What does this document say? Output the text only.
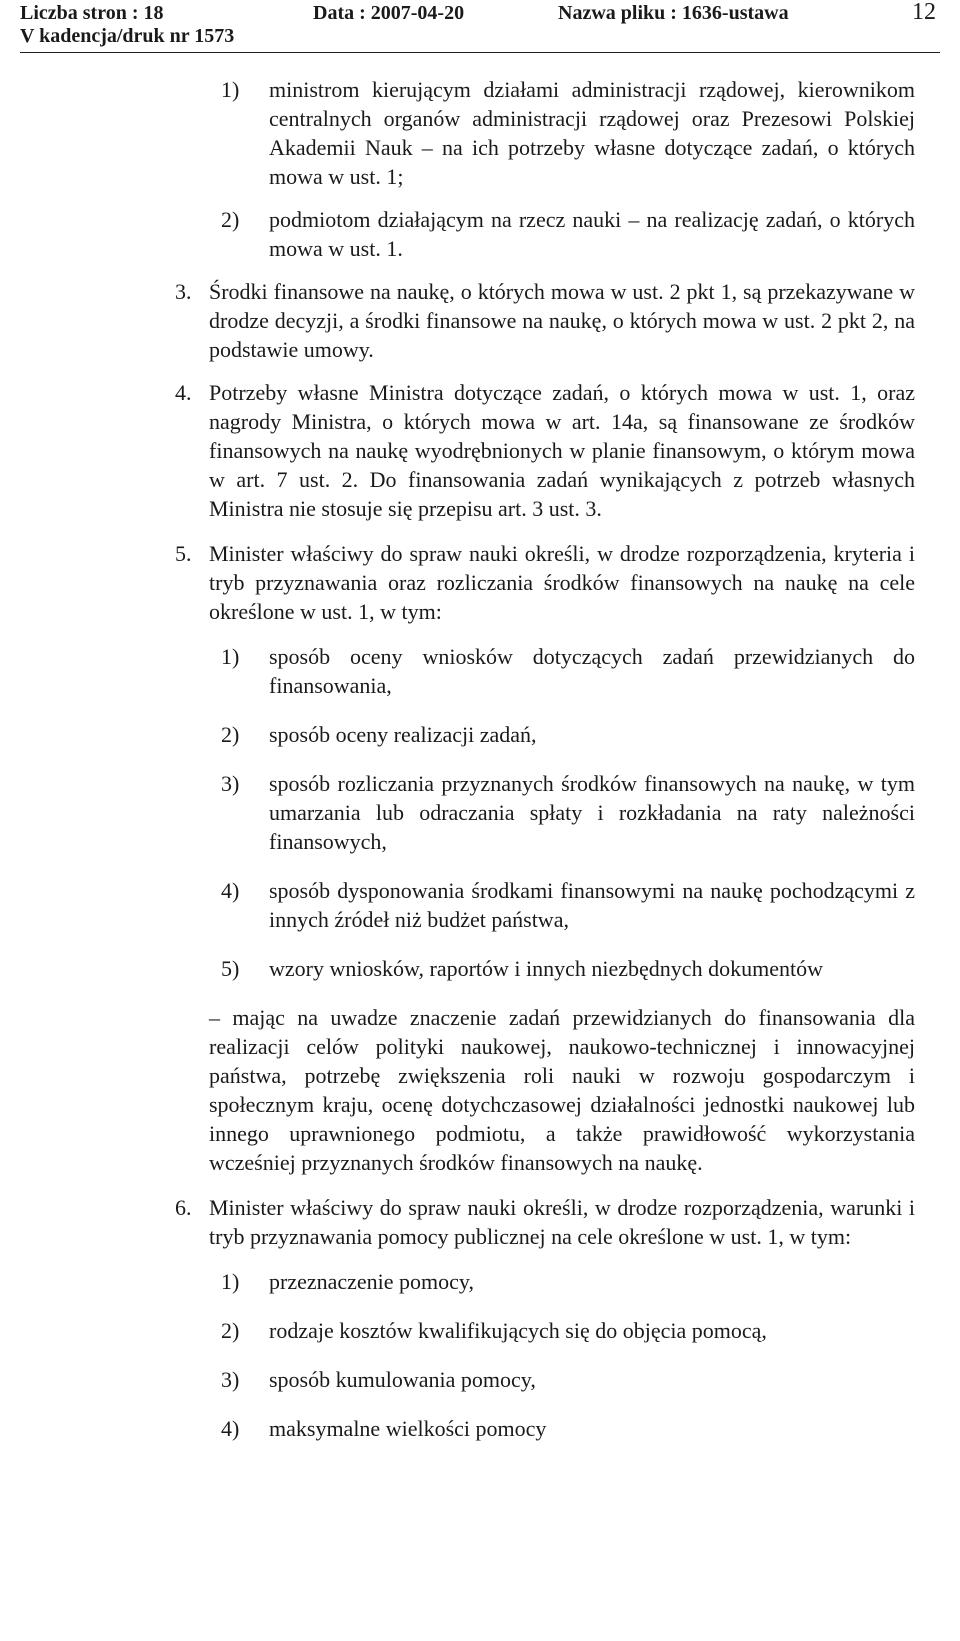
Liczba stron : 18	Data : 2007-04-20	Nazwa pliku : 1636-ustawa
V kadencja/druk nr 1573
12
1) ministrom kierującym działami administracji rządowej, kierownikom centralnych organów administracji rządowej oraz Prezesowi Polskiej Akademii Nauk – na ich potrzeby własne dotyczące zadań, o których mowa w ust. 1;
2) podmiotom działającym na rzecz nauki – na realizację zadań, o których mowa w ust. 1.
3. Środki finansowe na naukę, o których mowa w ust. 2 pkt 1, są przekazywane w drodze decyzji, a środki finansowe na naukę, o których mowa w ust. 2 pkt 2, na podstawie umowy.
4. Potrzeby własne Ministra dotyczące zadań, o których mowa w ust. 1, oraz nagrody Ministra, o których mowa w art. 14a, są finansowane ze środków finansowych na naukę wyodrębnionych w planie finansowym, o którym mowa w art. 7 ust. 2. Do finansowania zadań wynikających z potrzeb własnych Ministra nie stosuje się przepisu art. 3 ust. 3.
5. Minister właściwy do spraw nauki określi, w drodze rozporządzenia, kryteria i tryb przyznawania oraz rozliczania środków finansowych na naukę na cele określone w ust. 1, w tym:
1) sposób oceny wniosków dotyczących zadań przewidzianych do finansowania,
2) sposób oceny realizacji zadań,
3) sposób rozliczania przyznanych środków finansowych na naukę, w tym umarzania lub odraczania spłaty i rozkładania na raty należności finansowych,
4) sposób dysponowania środkami finansowymi na naukę pochodzącymi z innych źródeł niż budżet państwa,
5) wzory wniosków, raportów i innych niezbędnych dokumentów
– mając na uwadze znaczenie zadań przewidzianych do finansowania dla realizacji celów polityki naukowej, naukowo-technicznej i innowacyjnej państwa, potrzebę zwiększenia roli nauki w rozwoju gospodarczym i społecznym kraju, ocenę dotychczasowej działalności jednostki naukowej lub innego uprawnionego podmiotu, a także prawidłowość wykorzystania wcześniej przyznanych środków finansowych na naukę.
6. Minister właściwy do spraw nauki określi, w drodze rozporządzenia, warunki i tryb przyznawania pomocy publicznej na cele określone w ust. 1, w tym:
1) przeznaczenie pomocy,
2) rodzaje kosztów kwalifikujących się do objęcia pomocą,
3) sposób kumulowania pomocy,
4) maksymalne wielkości pomocy
